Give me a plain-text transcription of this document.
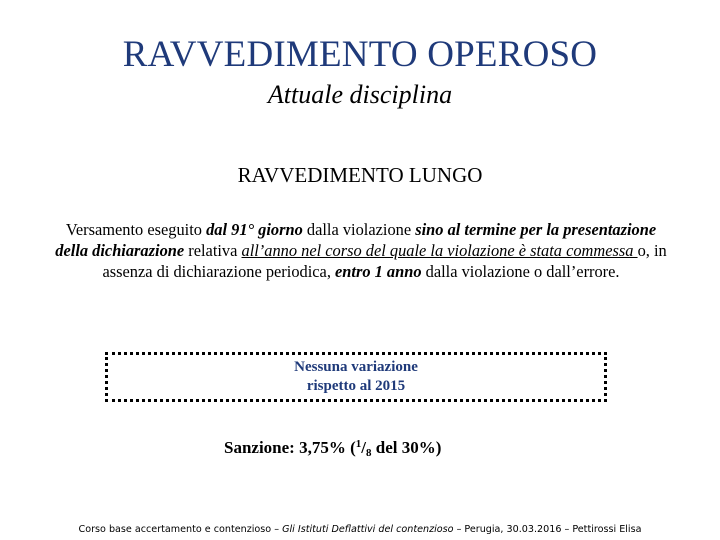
RAVVEDIMENTO OPEROSO
Attuale disciplina
RAVVEDIMENTO LUNGO
Versamento eseguito dal 91° giorno dalla violazione sino al termine per la presentazione della dichiarazione relativa all’anno nel corso del quale la violazione è stata commessa o, in assenza di dichiarazione periodica, entro 1 anno dalla violazione o dall’errore.
Nessuna variazione
rispetto al 2015
Sanzione: 3,75% ($^1/_8$ del 30%)
Corso base accertamento e contenzioso – Gli Istituti Deflattivi del contenzioso – Perugia, 30.03.2016 – Pettirossi Elisa
